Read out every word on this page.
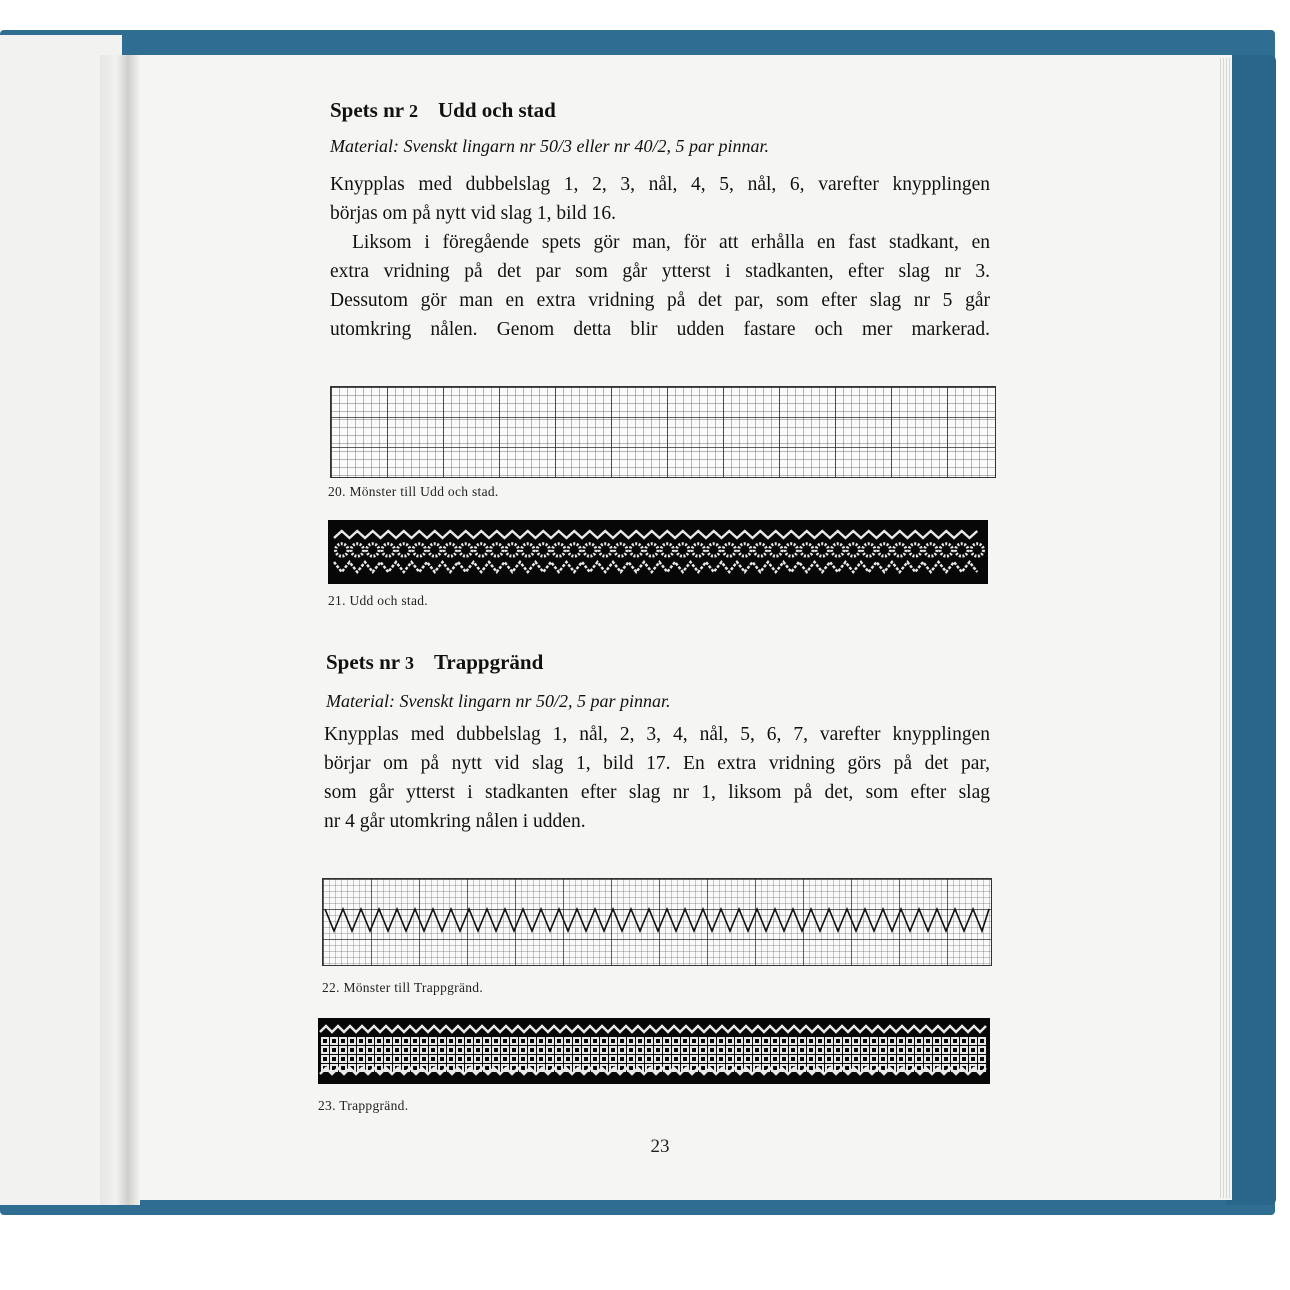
Spets nr 2 Udd och stad
Material: Svenskt lingarn nr 50/3 eller nr 40/2, 5 par pinnar.
Knypplas med dubbelslag 1, 2, 3, nål, 4, 5, nål, 6, varefter knypplingen
börjas om på nytt vid slag 1, bild 16.
Liksom i föregående spets gör man, för att erhålla en fast stadkant, en
extra vridning på det par som går ytterst i stadkanten, efter slag nr 3.
Dessutom gör man en extra vridning på det par, som efter slag nr 5 går
utomkring nålen. Genom detta blir udden fastare och mer markerad.
20. Mönster till Udd och stad.
21. Udd och stad.
Spets nr 3 Trappgränd
Material: Svenskt lingarn nr 50/2, 5 par pinnar.
Knypplas med dubbelslag 1, nål, 2, 3, 4, nål, 5, 6, 7, varefter knypplingen
börjar om på nytt vid slag 1, bild 17. En extra vridning görs på det par,
som går ytterst i stadkanten efter slag nr 1, liksom på det, som efter slag
nr 4 går utomkring nålen i udden.
22. Mönster till Trappgränd.
23. Trappgränd.
23
